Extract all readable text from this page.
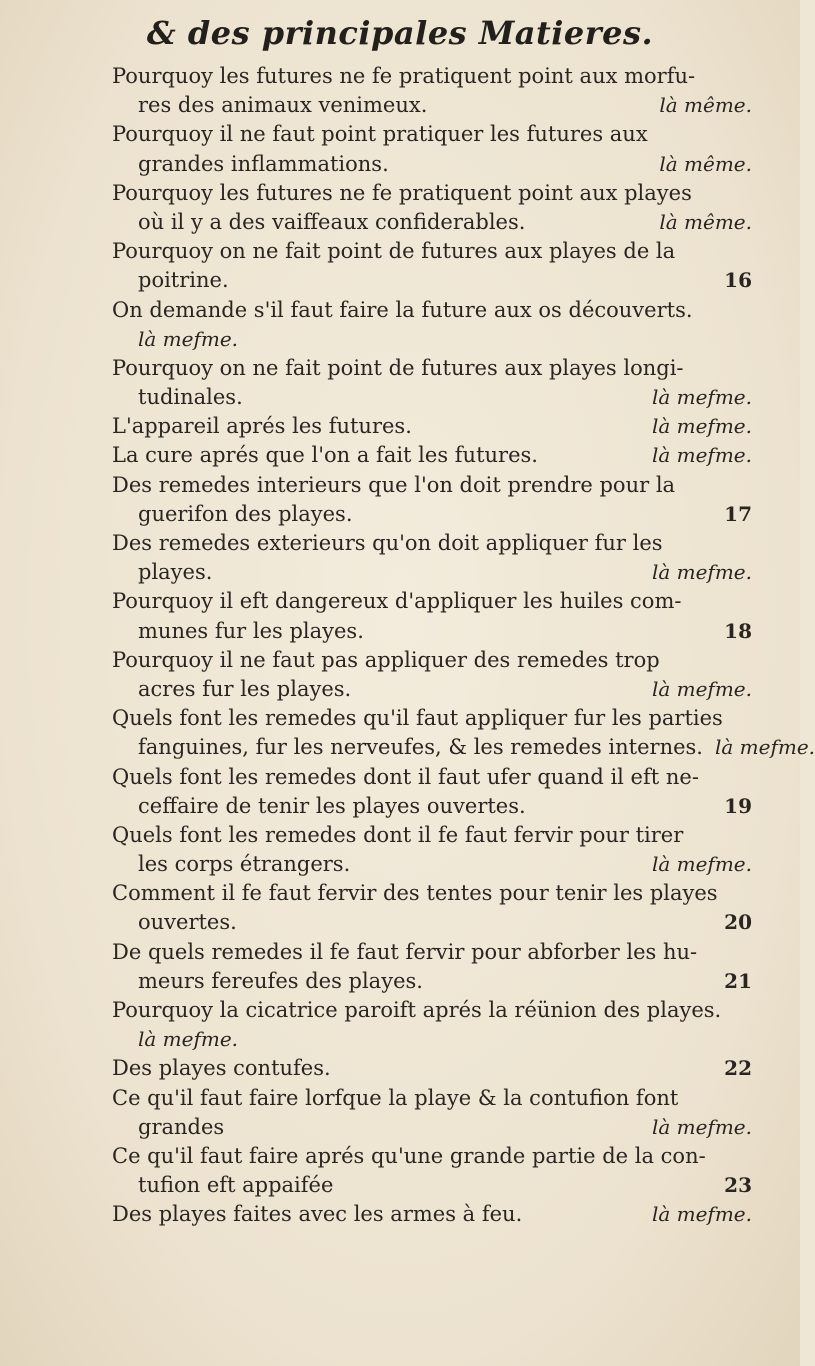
& des principales Matieres.
Pourquoy les futures ne fe pratiquent point aux morfu-
res des animaux venimeux.	là même.
Pourquoy il ne faut point pratiquer les futures aux
grandes inflammations.	là même.
Pourquoy les futures ne fe pratiquent point aux playes
où il y a des vaiffeaux confiderables.	là même.
Pourquoy on ne fait point de futures aux playes de la
poitrine.	16
On demande s'il faut faire la future aux os découverts.
là mefme.
Pourquoy on ne fait point de futures aux playes longi-
tudinales.	là mefme.
L'appareil aprés les futures.	là mefme.
La cure aprés que l'on a fait les futures.	là mefme.
Des remedes interieurs que l'on doit prendre pour la
guerifon des playes.	17
Des remedes exterieurs qu'on doit appliquer fur les
playes.	là mefme.
Pourquoy il eft dangereux d'appliquer les huiles com-
munes fur les playes.	18
Pourquoy il ne faut pas appliquer des remedes trop
acres fur les playes.	là mefme.
Quels font les remedes qu'il faut appliquer fur les parties
fanguines, fur les nerveufes, & les remedes internes. là mefme.
Quels font les remedes dont il faut ufer quand il eft ne-
ceffaire de tenir les playes ouvertes.	19
Quels font les remedes dont il fe faut fervir pour tirer
les corps étrangers.	là mefme.
Comment il fe faut fervir des tentes pour tenir les playes
ouvertes.	20
De quels remedes il fe faut fervir pour abforber les hu-
meurs fereufes des playes.	21
Pourquoy la cicatrice paroift aprés la réünion des playes.
là mefme.
Des playes contufes.	22
Ce qu'il faut faire lorfque la playe & la contufion font
grandes	là mefme.
Ce qu'il faut faire aprés qu'une grande partie de la con-
tufion eft appaifée	23
Des playes faites avec les armes à feu.	là mefme.
